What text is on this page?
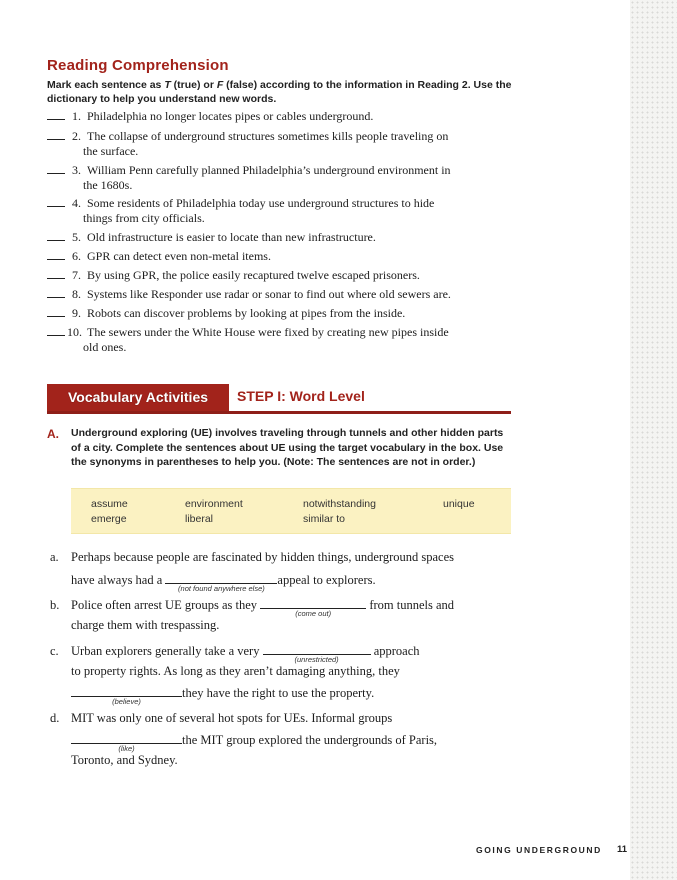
Reading Comprehension
Mark each sentence as T (true) or F (false) according to the information in Reading 2. Use the dictionary to help you understand new words.
1. Philadelphia no longer locates pipes or cables underground.
2. The collapse of underground structures sometimes kills people traveling on
the surface.
3. William Penn carefully planned Philadelphia’s underground environment in
the 1680s.
4. Some residents of Philadelphia today use underground structures to hide
things from city officials.
5. Old infrastructure is easier to locate than new infrastructure.
6. GPR can detect even non-metal items.
7. By using GPR, the police easily recaptured twelve escaped prisoners.
8. Systems like Responder use radar or sonar to find out where old sewers are.
9. Robots can discover problems by looking at pipes from the inside.
10. The sewers under the White House were fixed by creating new pipes inside
old ones.
Vocabulary Activities	STEP I: Word Level
A. Underground exploring (UE) involves traveling through tunnels and other hidden parts of a city. Complete the sentences about UE using the target vocabulary in the box. Use the synonyms in parentheses to help you. (Note: The sentences are not in order.)
assume	environment	notwithstanding	unique
emerge	liberal	similar to
a. Perhaps because people are fascinated by hidden things, underground spaces
have always had a
(not found anywhere else)
appeal to explorers.
b. Police often arrest UE groups as they
(come out)
from tunnels and
charge them with trespassing.
c. Urban explorers generally take a very
(unrestricted)
approach
to property rights. As long as they aren’t damaging anything, they
(believe)
they have the right to use the property.
d. MIT was only one of several hot spots for UEs. Informal groups
(like)
the MIT group explored the undergrounds of Paris,
Toronto, and Sydney.
GOING UNDERGROUND 11
